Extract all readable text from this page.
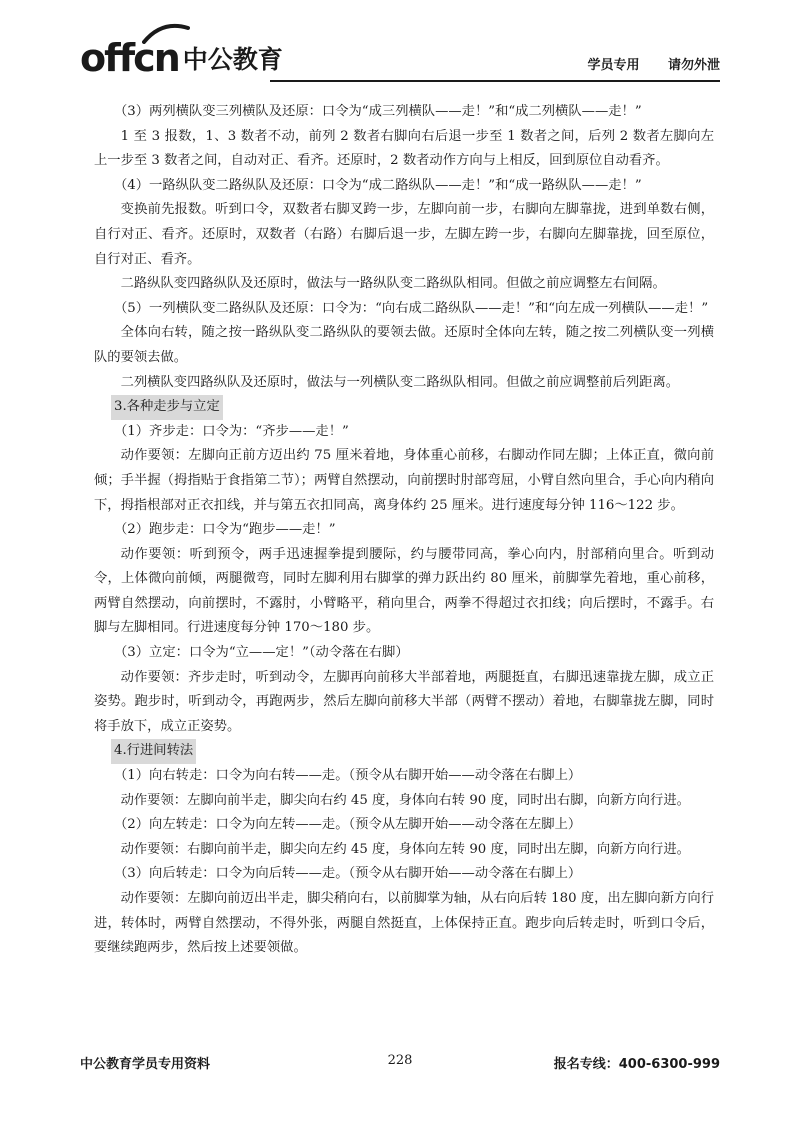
offcn 中公教育	学员专用 请勿外泄

（3）两列横队变三列横队及还原：口令为“成三列横队——走！”和“成二列横队——走！”

1 至 3 报数，1、3 数者不动，前列 2 数者右脚向右后退一步至 1 数者之间，后列 2 数者左脚向左上一步至 3 数者之间，自动对正、看齐。还原时，2 数者动作方向与上相反，回到原位自动看齐。

（4）一路纵队变二路纵队及还原：口令为“成二路纵队——走！”和“成一路纵队——走！”

变换前先报数。听到口令，双数者右脚叉跨一步，左脚向前一步，右脚向左脚靠拢，进到单数右侧，自行对正、看齐。还原时，双数者（右路）右脚后退一步，左脚左跨一步，右脚向左脚靠拢，回至原位，自行对正、看齐。

二路纵队变四路纵队及还原时，做法与一路纵队变二路纵队相同。但做之前应调整左右间隔。

（5）一列横队变二路纵队及还原：口令为：“向右成二路纵队——走！”和“向左成一列横队——走！”

全体向右转，随之按一路纵队变二路纵队的要领去做。还原时全体向左转，随之按二列横队变一列横队的要领去做。

二列横队变四路纵队及还原时，做法与一列横队变二路纵队相同。但做之前应调整前后列距离。

3.各种走步与立定

（1）齐步走：口令为：“齐步——走！”

动作要领：左脚向正前方迈出约 75 厘米着地，身体重心前移，右脚动作同左脚；上体正直，微向前倾；手半握（拇指贴于食指第二节）；两臂自然摆动，向前摆时肘部弯屈，小臂自然向里合，手心向内稍向下，拇指根部对正衣扣线，并与第五衣扣同高，离身体约 25 厘米。进行速度每分钟 116～122 步。

（2）跑步走：口令为“跑步——走！”

动作要领：听到预令，两手迅速握拳提到腰际，约与腰带同高，拳心向内，肘部稍向里合。听到动令，上体微向前倾，两腿微弯，同时左脚利用右脚掌的弹力跃出约 80 厘米，前脚掌先着地，重心前移，两臂自然摆动，向前摆时，不露肘，小臂略平，稍向里合，两拳不得超过衣扣线；向后摆时，不露手。右脚与左脚相同。行进速度每分钟 170～180 步。

（3）立定：口令为“立——定！”（动令落在右脚）

动作要领：齐步走时，听到动令，左脚再向前移大半部着地，两腿挺直，右脚迅速靠拢左脚，成立正姿势。跑步时，听到动令，再跑两步，然后左脚向前移大半部（两臂不摆动）着地，右脚靠拢左脚，同时将手放下，成立正姿势。

4.行进间转法

（1）向右转走：口令为向右转——走。（预令从右脚开始——动令落在右脚上）

动作要领：左脚向前半走，脚尖向右约 45 度，身体向右转 90 度，同时出右脚，向新方向行进。

（2）向左转走：口令为向左转——走。（预令从左脚开始——动令落在左脚上）

动作要领：右脚向前半走，脚尖向左约 45 度，身体向左转 90 度，同时出左脚，向新方向行进。

（3）向后转走：口令为向后转——走。（预令从右脚开始——动令落在右脚上）

动作要领：左脚向前迈出半走，脚尖稍向右，以前脚掌为轴，从右向后转 180 度，出左脚向新方向行进，转体时，两臂自然摆动，不得外张，两腿自然挺直，上体保持正直。跑步向后转走时，听到口令后，要继续跑两步，然后按上述要领做。

中公教育学员专用资料	228	报名专线：400-6300-999
